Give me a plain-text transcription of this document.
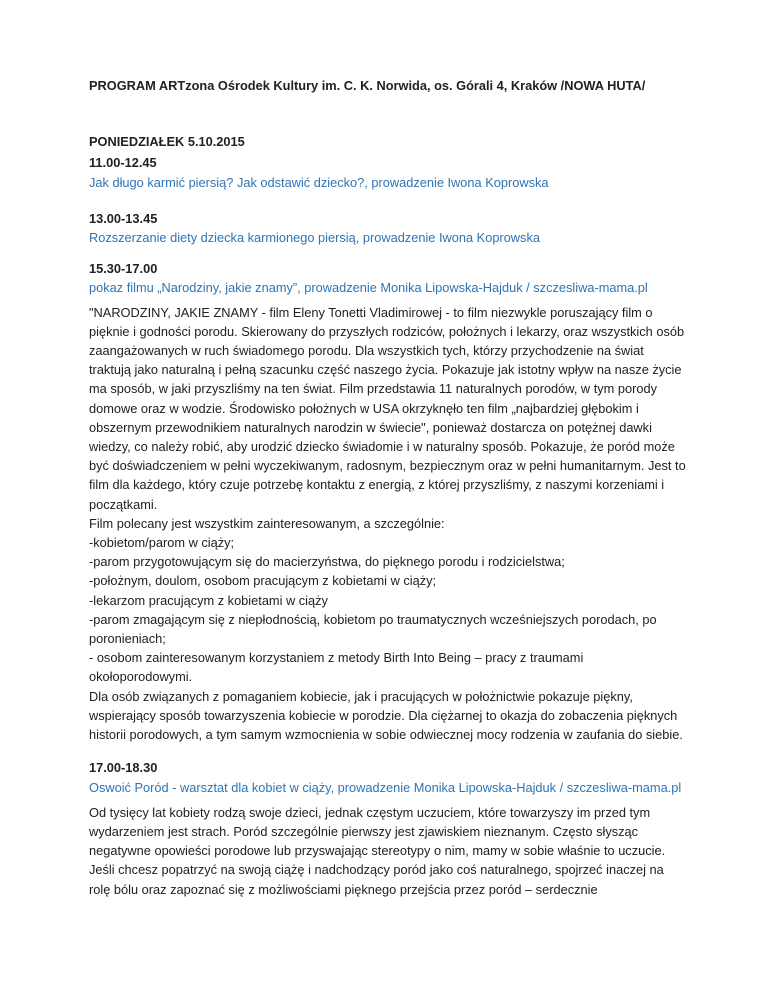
PROGRAM ARTzona Ośrodek Kultury im. C. K. Norwida, os. Górali 4, Kraków /NOWA HUTA/

PONIEDZIAŁEK 5.10.2015

11.00-12.45

Jak długo karmić piersią? Jak odstawić dziecko?, prowadzenie Iwona Koprowska

13.00-13.45

Rozszerzanie diety dziecka karmionego piersią, prowadzenie Iwona Koprowska

15.30-17.00

pokaz filmu „Narodziny, jakie znamy”, prowadzenie Monika Lipowska-Hajduk / szczesliwa-mama.pl

"NARODZINY, JAKIE ZNAMY - film Eleny Tonetti Vladimirowej - to film niezwykle poruszający film o pięknie i godności porodu. Skierowany do przyszłych rodziców, położnych i lekarzy, oraz wszystkich osób zaangażowanych w ruch świadomego porodu. Dla wszystkich tych, którzy przychodzenie na świat traktują jako naturalną i pełną szacunku część naszego życia. Pokazuje jak istotny wpływ na nasze życie ma sposób, w jaki przyszliśmy na ten świat. Film przedstawia 11 naturalnych porodów, w tym porody domowe oraz w wodzie. Środowisko położnych w USA okrzyknęło ten film „najbardziej głębokim i obszernym przewodnikiem naturalnych narodzin w świecie", ponieważ dostarcza on potężnej dawki wiedzy, co należy robić, aby urodzić dziecko świadomie i w naturalny sposób. Pokazuje, że poród może być doświadczeniem w pełni wyczekiwanym, radosnym, bezpiecznym oraz w pełni humanitarnym. Jest to film dla każdego, który czuje potrzebę kontaktu z energią, z której przyszliśmy, z naszymi korzeniami i początkami.
Film polecany jest wszystkim zainteresowanym, a szczególnie:
-kobietom/parom w ciąży;
-parom przygotowującym się do macierzyństwa, do pięknego porodu i rodzicielstwa;
-położnym, doulom, osobom pracującym z kobietami w ciąży;
-lekarzom pracującym z kobietami w ciąży
-parom zmagającym się z niepłodnością, kobietom po traumatycznych wcześniejszych porodach, po poronieniach;
- osobom zainteresowanym korzystaniem z metody Birth Into Being – pracy z traumami okołoporodowymi.
Dla osób związanych z pomaganiem kobiecie, jak i pracujących w położnictwie pokazuje piękny, wspierający sposób towarzyszenia kobiecie w porodzie. Dla ciężarnej to okazja do zobaczenia pięknych historii porodowych, a tym samym wzmocnienia w sobie odwiecznej mocy rodzenia w zaufania do siebie.

17.00-18.30

Oswoić Poród - warsztat dla kobiet w ciąży, prowadzenie Monika Lipowska-Hajduk / szczesliwa-mama.pl

Od tysięcy lat kobiety rodzą swoje dzieci, jednak częstym uczuciem, które towarzyszy im przed tym wydarzeniem jest strach. Poród szczególnie pierwszy jest zjawiskiem nieznanym. Często słysząc negatywne opowieści porodowe lub przyswajając stereotypy o nim, mamy w sobie właśnie to uczucie. Jeśli chcesz popatrzyć na swoją ciążę i nadchodzący poród jako coś naturalnego, spojrzeć inaczej na rolę bólu oraz zapoznać się z możliwościami pięknego przejścia przez poród – serdecznie
